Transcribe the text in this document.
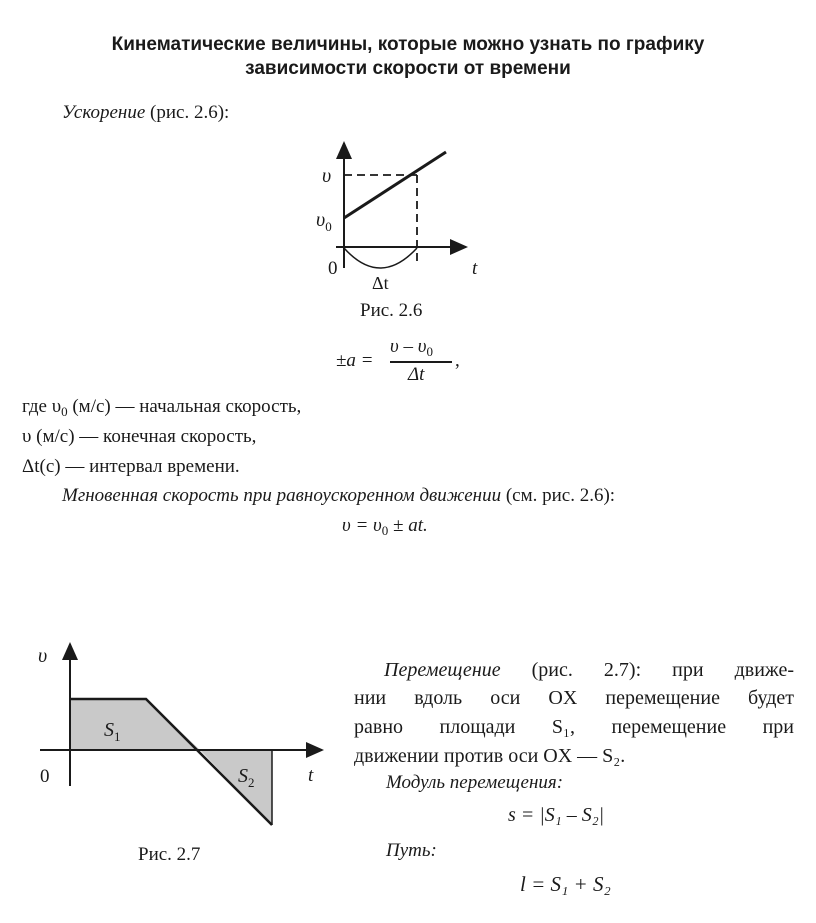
Кинематические величины, которые можно узнать по графику
зависимости скорости от времени
Ускорение (рис. 2.6):
υ
$\upsilon_0$
0	t
Δt
Рис. 2.6
±a =
υ – $\upsilon_0$
Δt
,
где $\upsilon_0$ (м/с) — начальная скорость,
υ (м/с) — конечная скорость,
Δt(c) — интервал времени.
Мгновенная скорость при равноускоренном движении (см. рис. 2.6):
$\upsilon = \upsilon_0$ ± at.
υ
0	t
$S_1$
$S_2$
Рис. 2.7
Перемещение (рис. 2.7): при движе-
нии вдоль оси OX перемещение будет
равно площади S₁, перемещение при
движении против оси OX — S₂.
Модуль перемещения:
s = |S₁ – S₂|
Путь:
l = S₁ + S₂
